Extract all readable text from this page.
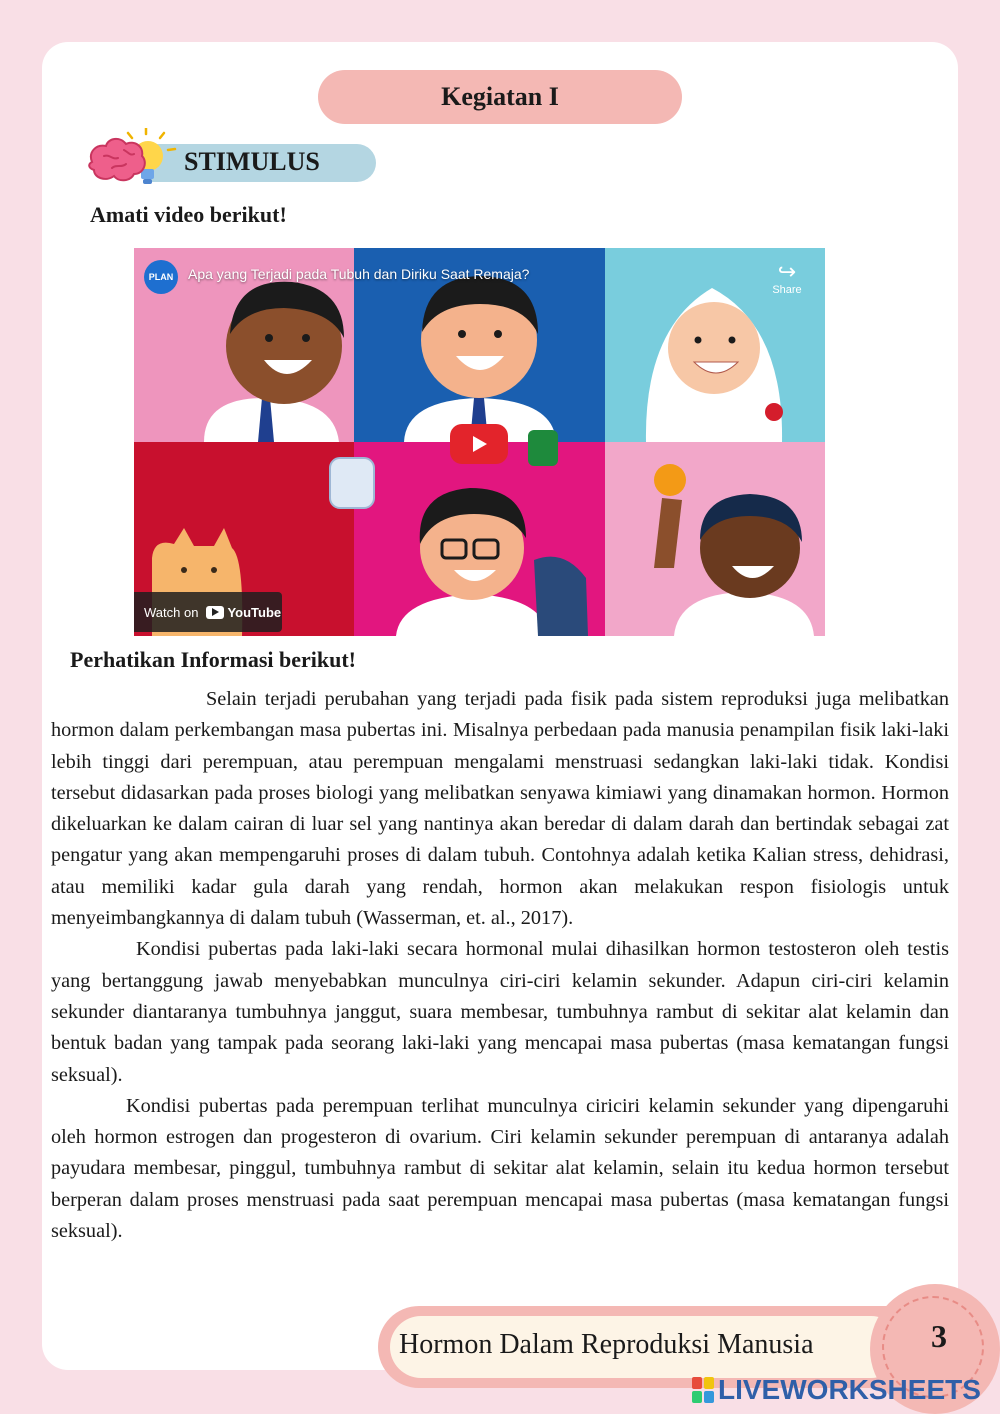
Kegiatan I
STIMULUS
Amati video berikut!
PLAN	Apa yang Terjadi pada Tubuh dan Diriku Saat Remaja?	↪
Share
Watch on YouTube
Perhatikan Informasi berikut!

Selain terjadi perubahan yang terjadi pada fisik pada sistem reproduksi juga melibatkan hormon dalam perkembangan masa pubertas ini. Misalnya perbedaan pada manusia penampilan fisik laki-laki lebih tinggi dari perempuan, atau perempuan mengalami menstruasi sedangkan laki-laki tidak. Kondisi tersebut didasarkan pada proses biologi yang melibatkan senyawa kimiawi yang dinamakan hormon. Hormon dikeluarkan ke dalam cairan di luar sel yang nantinya akan beredar di dalam darah dan bertindak sebagai zat pengatur yang akan mempengaruhi proses di dalam tubuh. Contohnya adalah ketika Kalian stress, dehidrasi, atau memiliki kadar gula darah yang rendah, hormon akan melakukan respon fisiologis untuk menyeimbangkannya di dalam tubuh (Wasserman, et. al., 2017).

Kondisi pubertas pada laki-laki secara hormonal mulai dihasilkan hormon testosteron oleh testis yang bertanggung jawab menyebabkan munculnya ciri-ciri kelamin sekunder. Adapun ciri-ciri kelamin sekunder diantaranya tumbuhnya janggut, suara membesar, tumbuhnya rambut di sekitar alat kelamin dan bentuk badan yang tampak pada seorang laki-laki yang mencapai masa pubertas (masa kematangan fungsi seksual).

Kondisi pubertas pada perempuan terlihat munculnya ciriciri kelamin sekunder yang dipengaruhi oleh hormon estrogen dan progesteron di ovarium. Ciri kelamin sekunder perempuan di antaranya adalah payudara membesar, pinggul, tumbuhnya rambut di sekitar alat kelamin, selain itu kedua hormon tersebut berperan dalam proses menstruasi pada saat perempuan mencapai masa pubertas (masa kematangan fungsi seksual).

Hormon Dalam Reproduksi Manusia	3
LIVEWORKSHEETS
